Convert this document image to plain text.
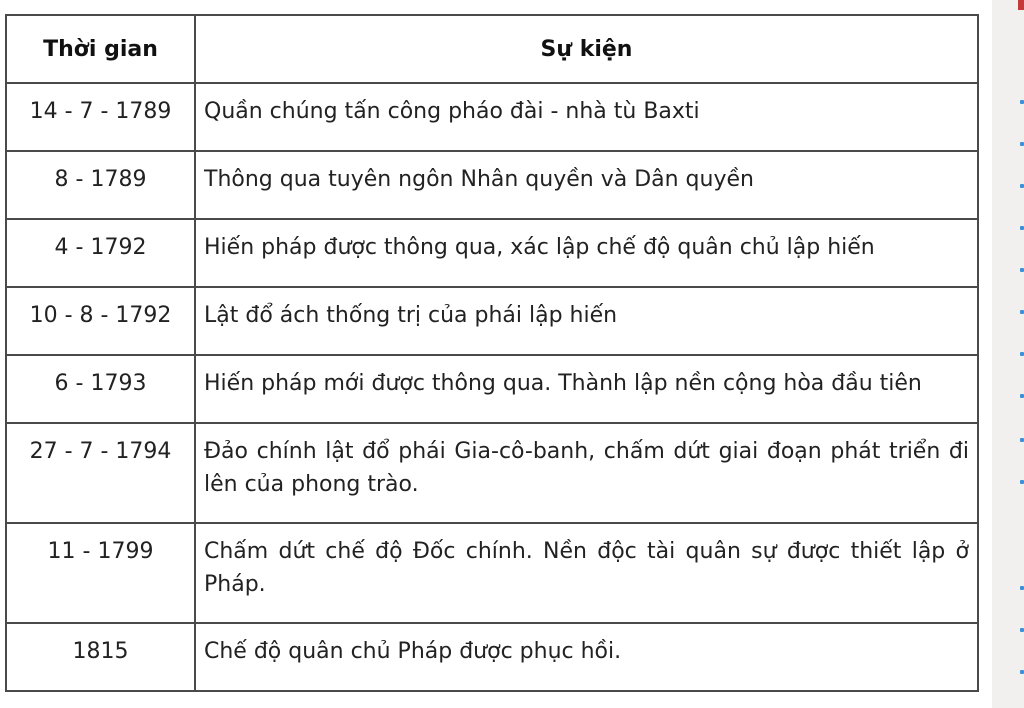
Thời gian	Sự kiện
14 - 7 - 1789	Quần chúng tấn công pháo đài - nhà tù Baxti
8 - 1789	Thông qua tuyên ngôn Nhân quyền và Dân quyền
4 - 1792	Hiến pháp được thông qua, xác lập chế độ quân chủ lập hiến
10 - 8 - 1792	Lật đổ ách thống trị của phái lập hiến
6 - 1793	Hiến pháp mới được thông qua. Thành lập nền cộng hòa đầu tiên
27 - 7 - 1794	Đảo chính lật đổ phái Gia-cô-banh, chấm dứt giai đoạn phát triển đi lên của phong trào.
11 - 1799	Chấm dứt chế độ Đốc chính. Nền độc tài quân sự được thiết lập ở Pháp.
1815	Chế độ quân chủ Pháp được phục hồi.
